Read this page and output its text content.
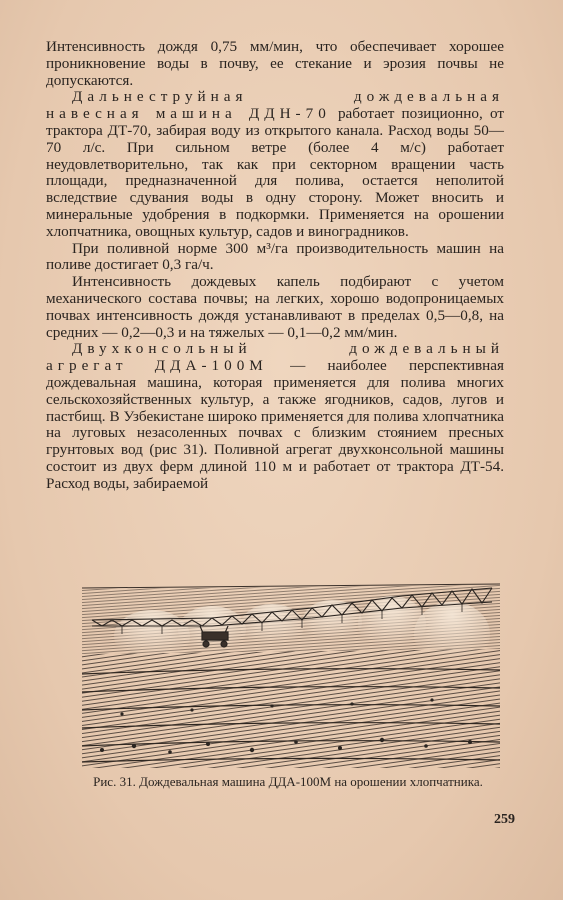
Интенсивность дождя 0,75 мм/мин, что обеспечивает хорошее проникновение воды в почву, ее стекание и эрозия почвы не допускаются.

Дальнеструйная дождевальная навесная машина ДДН-70 работает позиционно, от трактора ДТ-70, забирая воду из открытого канала. Расход воды 50—70 л/с. При сильном ветре (более 4 м/с) работает неудовлетворительно, так как при секторном вращении часть площади, предназначенной для полива, остается неполитой вследствие сдувания воды в одну сторону. Может вносить и минеральные удобрения в подкормки. Применяется на орошении хлопчатника, овощных культур, садов и виноградников.

При поливной норме 300 м³/га производительность машин на поливе достигает 0,3 га/ч.

Интенсивность дождевых капель подбирают с учетом механического состава почвы; на легких, хорошо водопроницаемых почвах интенсивность дождя устанавливают в пределах 0,5—0,8, на средних — 0,2—0,3 и на тяжелых — 0,1—0,2 мм/мин.

Двухконсольный дождевальный агрегат ДДА-100М — наиболее перспективная дождевальная машина, которая применяется для полива многих сельскохозяйственных культур, а также ягодников, садов, лугов и пастбищ. В Узбекистане широко применяется для полива хлопчатника на луговых незасоленных почвах с близким стоянием пресных грунтовых вод (рис 31). Поливной агрегат двухконсольной машины состоит из двух ферм длиной 110 м и работает от трактора ДТ-54. Расход воды, забираемой

Рис. 31. Дождевальная машина ДДА-100М на орошении хлопчатника.
259
